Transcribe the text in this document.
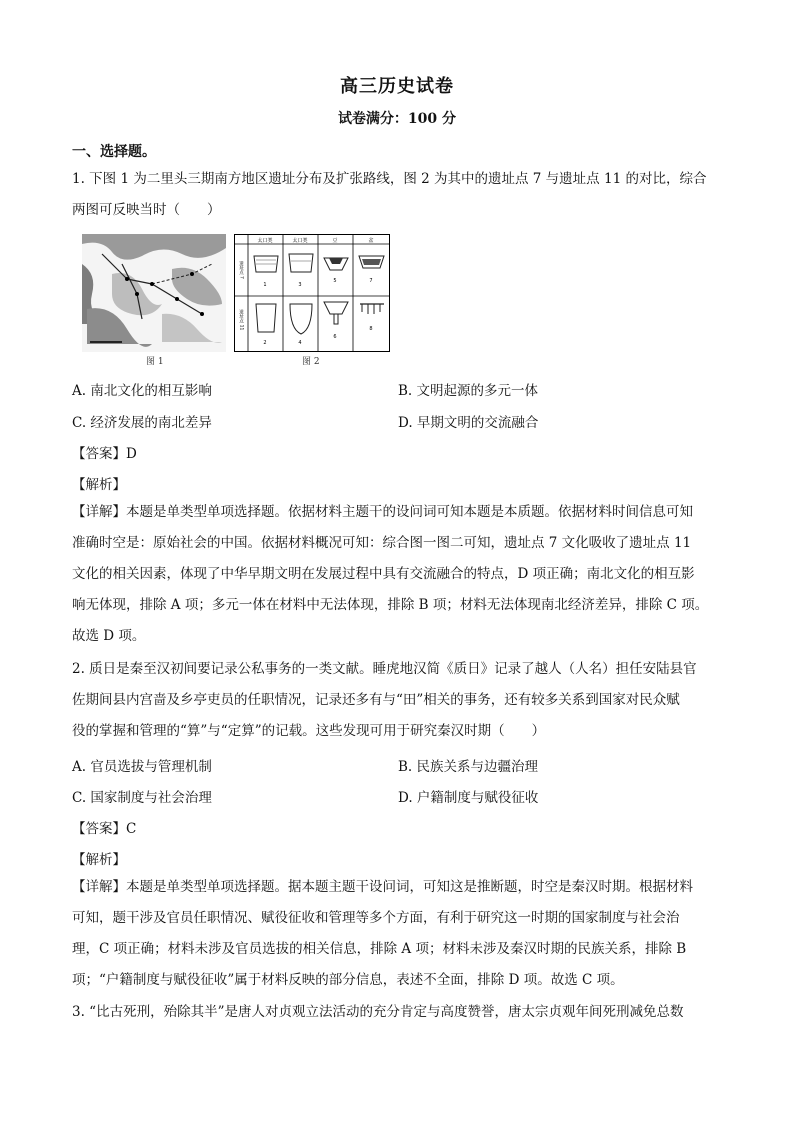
高三历史试卷
试卷满分：100 分
一、选择题。
1. 下图 1 为二里头三期南方地区遗址分布及扩张路线，图 2 为其中的遗址点 7 与遗址点 11 的对比，综合
两图可反映当时（　　）
图 1
太口类	太口类	豆	盆
遗址点 7
遗址点 11
1	3
5	7
2	4
6
8
图 2
A. 南北文化的相互影响	B. 文明起源的多元一体
C. 经济发展的南北差异	D. 早期文明的交流融合
【答案】D
【解析】
【详解】本题是单类型单项选择题。依据材料主题干的设问词可知本题是本质题。依据材料时间信息可知
准确时空是：原始社会的中国。依据材料概况可知：综合图一图二可知，遗址点 7 文化吸收了遗址点 11
文化的相关因素，体现了中华早期文明在发展过程中具有交流融合的特点，D 项正确；南北文化的相互影
响无体现，排除 A 项；多元一体在材料中无法体现，排除 B 项；材料无法体现南北经济差异，排除 C 项。
故选 D 项。
2. 质日是秦至汉初间要记录公私事务的一类文献。睡虎地汉简《质日》记录了越人（人名）担任安陆县官
佐期间县内宫啬及乡亭吏员的任职情况，记录还多有与“田”相关的事务，还有较多关系到国家对民众赋
役的掌握和管理的“算”与“定算”的记载。这些发现可用于研究秦汉时期（　　）
A. 官员选拔与管理机制	B. 民族关系与边疆治理
C. 国家制度与社会治理	D. 户籍制度与赋役征收
【答案】C
【解析】
【详解】本题是单类型单项选择题。据本题主题干设问词，可知这是推断题，时空是秦汉时期。根据材料
可知，题干涉及官员任职情况、赋役征收和管理等多个方面，有利于研究这一时期的国家制度与社会治
理，C 项正确；材料未涉及官员选拔的相关信息，排除 A 项；材料未涉及秦汉时期的民族关系，排除 B
项；“户籍制度与赋役征收”属于材料反映的部分信息，表述不全面，排除 D 项。故选 C 项。
3. “比古死刑，殆除其半”是唐人对贞观立法活动的充分肯定与高度赞誉，唐太宗贞观年间死刑减免总数
